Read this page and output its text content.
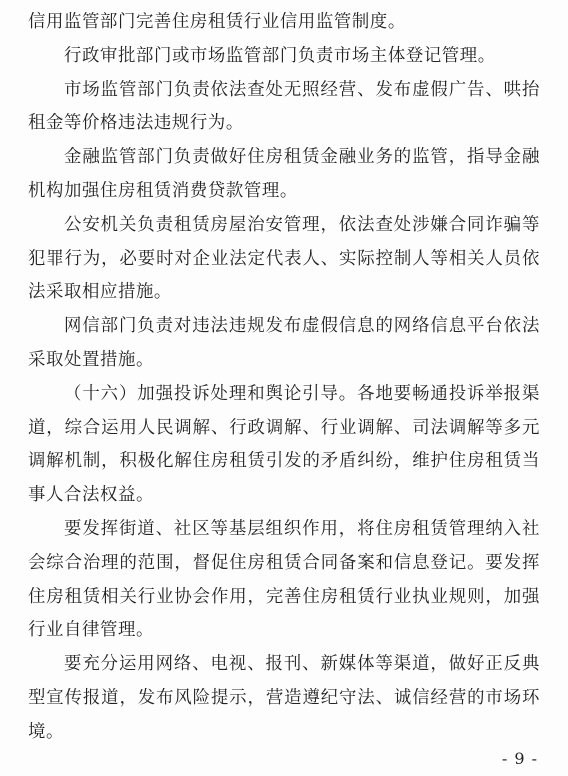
信用监管部门完善住房租赁行业信用监管制度。

行政审批部门或市场监管部门负责市场主体登记管理。

市场监管部门负责依法查处无照经营、发布虚假广告、哄抬租金等价格违法违规行为。

金融监管部门负责做好住房租赁金融业务的监管，指导金融机构加强住房租赁消费贷款管理。

公安机关负责租赁房屋治安管理，依法查处涉嫌合同诈骗等犯罪行为，必要时对企业法定代表人、实际控制人等相关人员依法采取相应措施。

网信部门负责对违法违规发布虚假信息的网络信息平台依法采取处置措施。

（十六）加强投诉处理和舆论引导。各地要畅通投诉举报渠道，综合运用人民调解、行政调解、行业调解、司法调解等多元调解机制，积极化解住房租赁引发的矛盾纠纷，维护住房租赁当事人合法权益。

要发挥街道、社区等基层组织作用，将住房租赁管理纳入社会综合治理的范围，督促住房租赁合同备案和信息登记。要发挥住房租赁相关行业协会作用，完善住房租赁行业执业规则，加强行业自律管理。

要充分运用网络、电视、报刊、新媒体等渠道，做好正反典型宣传报道，发布风险提示，营造遵纪守法、诚信经营的市场环境。

- 9 -
